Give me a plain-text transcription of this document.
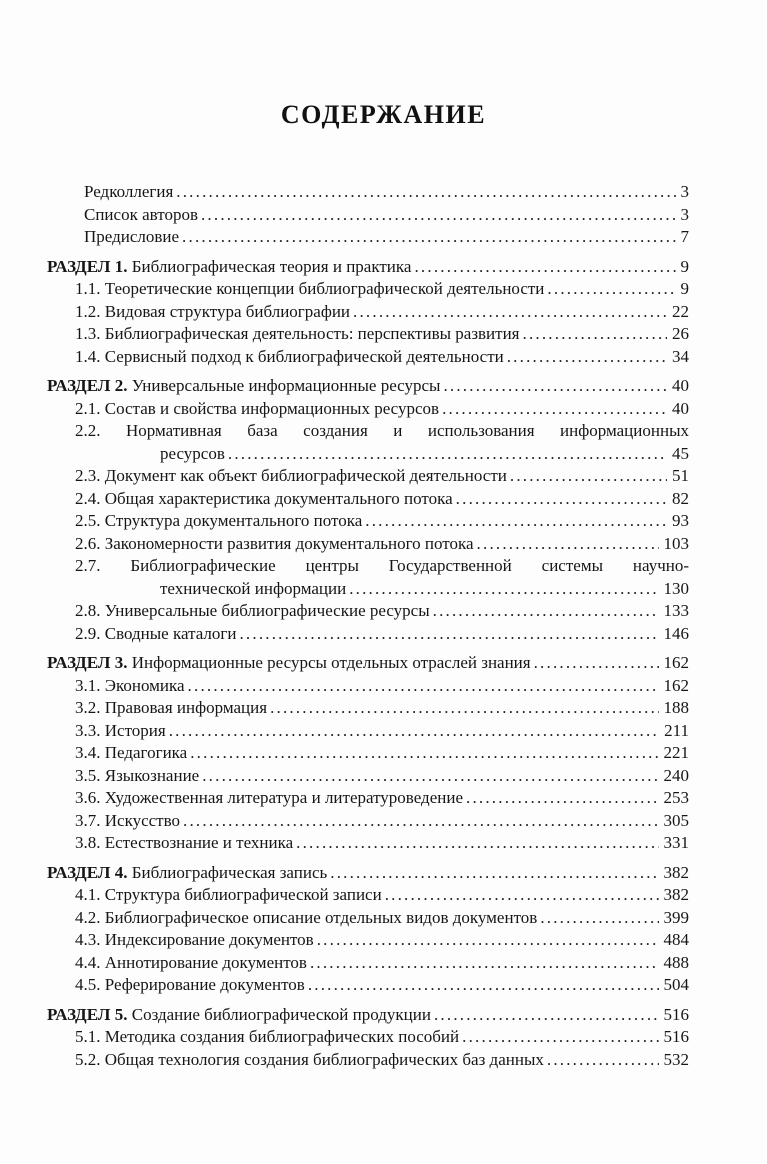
СОДЕРЖАНИЕ
Редколлегия .....	3
Список авторов .....	3
Предисловие .....	7
РАЗДЕЛ 1. Библиографическая теория и практика .....	9
1.1. Теоретические концепции библиографической деятельности .....	9
1.2. Видовая структура библиографии .....	22
1.3. Библиографическая деятельность: перспективы развития .....	26
1.4. Сервисный подход к библиографической деятельности .....	34
РАЗДЕЛ 2. Универсальные информационные ресурсы .....	40
2.1. Состав и свойства информационных ресурсов .....	40
2.2. Нормативная база создания и использования информационных
ресурсов .....	45
2.3. Документ как объект библиографической деятельности .....	51
2.4. Общая характеристика документального потока .....	82
2.5. Структура документального потока .....	93
2.6. Закономерности развития документального потока .....	103
2.7. Библиографические центры Государственной системы научно-
технической информации .....	130
2.8. Универсальные библиографические ресурсы .....	133
2.9. Сводные каталоги .....	146
РАЗДЕЛ 3. Информационные ресурсы отдельных отраслей знания .....	162
3.1. Экономика .....	162
3.2. Правовая информация .....	188
3.3. История .....	211
3.4. Педагогика .....	221
3.5. Языкознание .....	240
3.6. Художественная литература и литературоведение .....	253
3.7. Искусство .....	305
3.8. Естествознание и техника .....	331
РАЗДЕЛ 4. Библиографическая запись .....	382
4.1. Структура библиографической записи .....	382
4.2. Библиографическое описание отдельных видов документов .....	399
4.3. Индексирование документов .....	484
4.4. Аннотирование документов .....	488
4.5. Реферирование документов .....	504
РАЗДЕЛ 5. Создание библиографической продукции .....	516
5.1. Методика создания библиографических пособий .....	516
5.2. Общая технология создания библиографических баз данных .....	532
